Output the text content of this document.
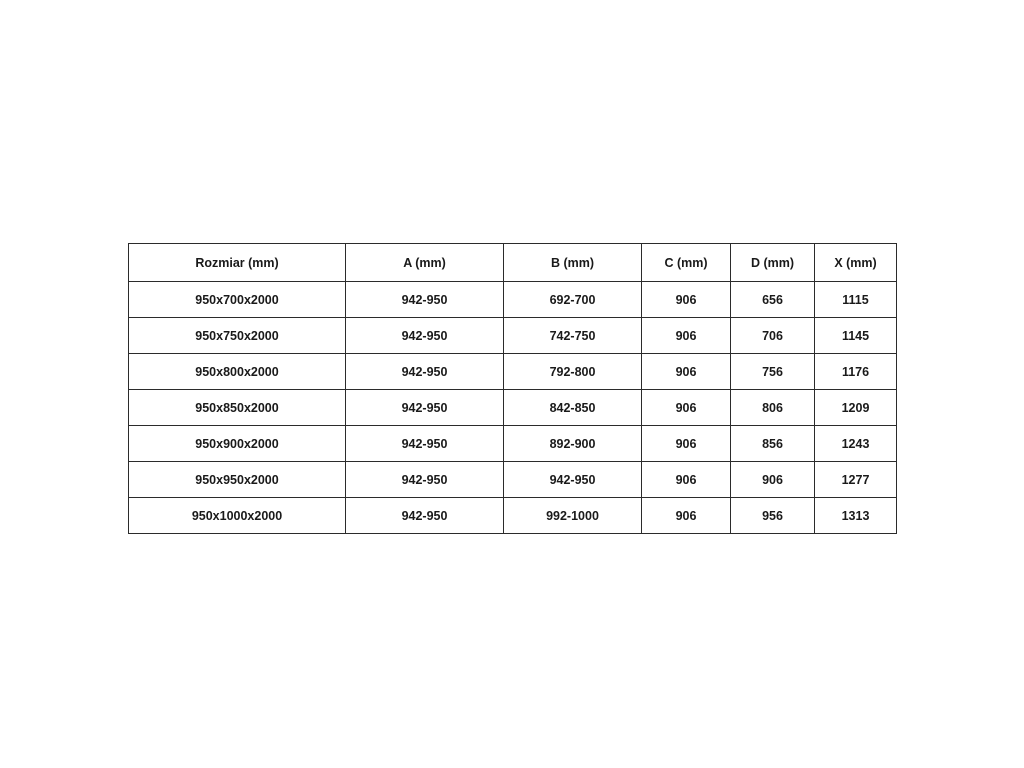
Rozmiar (mm)	A (mm)	B (mm)	C (mm)	D (mm)	X (mm)
950x700x2000	942-950	692-700	906	656	1115
950x750x2000	942-950	742-750	906	706	1145
950x800x2000	942-950	792-800	906	756	1176
950x850x2000	942-950	842-850	906	806	1209
950x900x2000	942-950	892-900	906	856	1243
950x950x2000	942-950	942-950	906	906	1277
950x1000x2000	942-950	992-1000	906	956	1313
